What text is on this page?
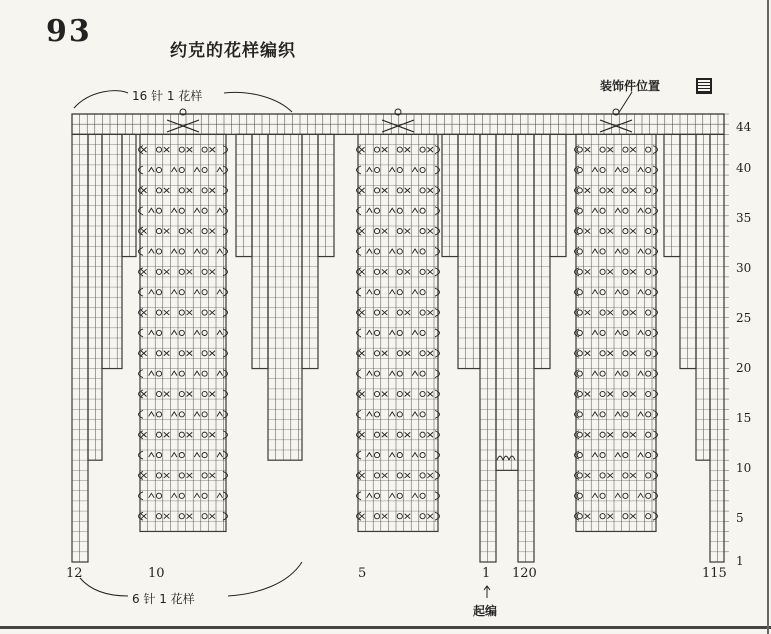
93
约克的花样编织
16 针 1 花样
装饰件位置
6 针 1 花样
起编
44
40
35
30
25
20
15
10
5
1
12	10	5	1 120	115
